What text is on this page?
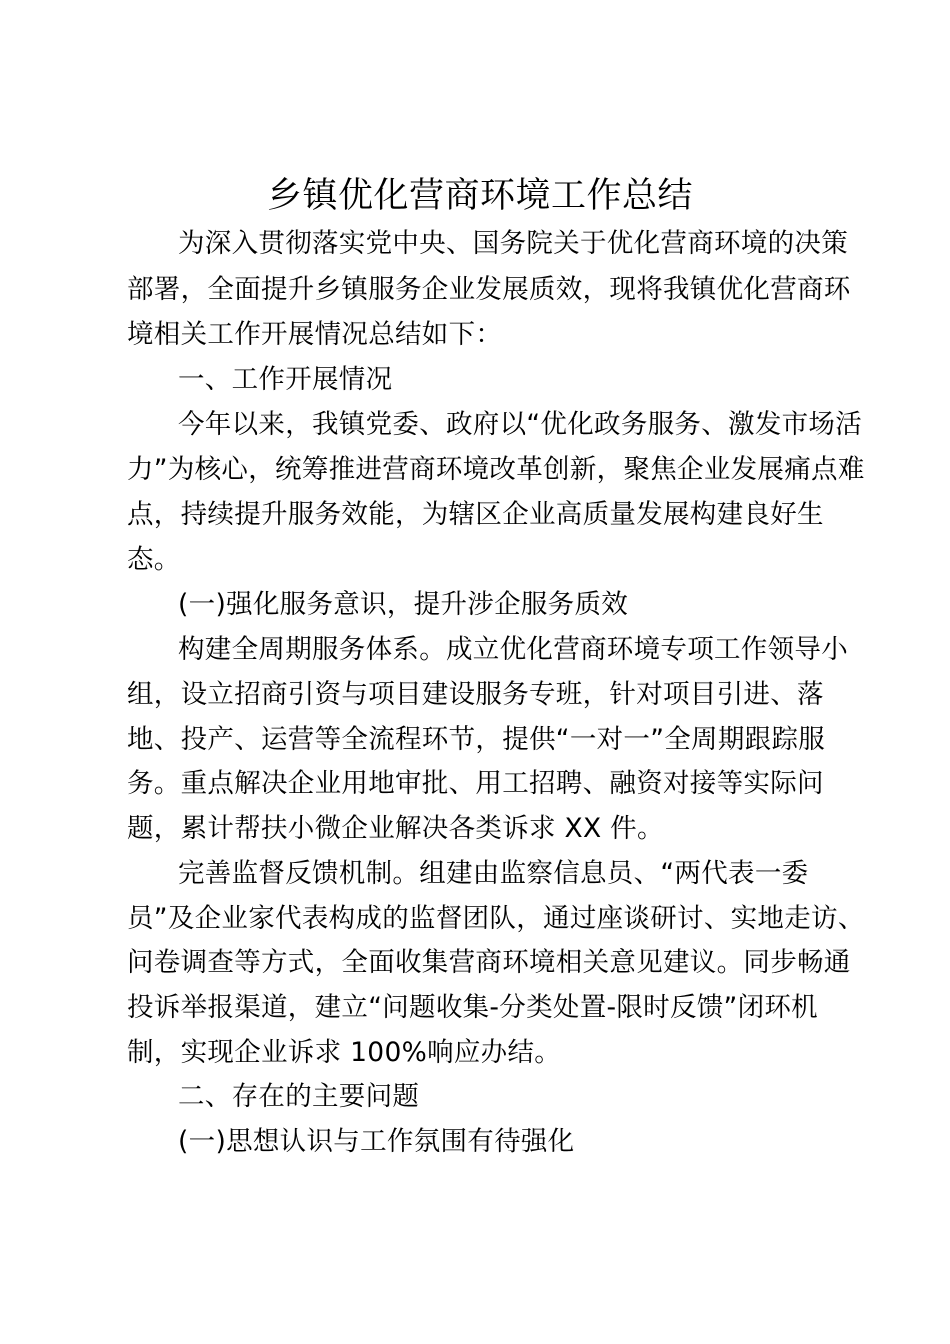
乡镇优化营商环境工作总结
为深入贯彻落实党中央、国务院关于优化营商环境的决策
部署，全面提升乡镇服务企业发展质效，现将我镇优化营商环
境相关工作开展情况总结如下：
一、工作开展情况
今年以来，我镇党委、政府以“优化政务服务、激发市场活
力”为核心，统筹推进营商环境改革创新，聚焦企业发展痛点难
点，持续提升服务效能，为辖区企业高质量发展构建良好生
态。
(一)强化服务意识，提升涉企服务质效
构建全周期服务体系。成立优化营商环境专项工作领导小
组，设立招商引资与项目建设服务专班，针对项目引进、落
地、投产、运营等全流程环节，提供“一对一”全周期跟踪服
务。重点解决企业用地审批、用工招聘、融资对接等实际问
题，累计帮扶小微企业解决各类诉求 XX 件。
完善监督反馈机制。组建由监察信息员、“两代表一委
员”及企业家代表构成的监督团队，通过座谈研讨、实地走访、
问卷调查等方式，全面收集营商环境相关意见建议。同步畅通
投诉举报渠道，建立“问题收集-分类处置-限时反馈”闭环机
制，实现企业诉求 100%响应办结。
二、存在的主要问题
(一)思想认识与工作氛围有待强化
